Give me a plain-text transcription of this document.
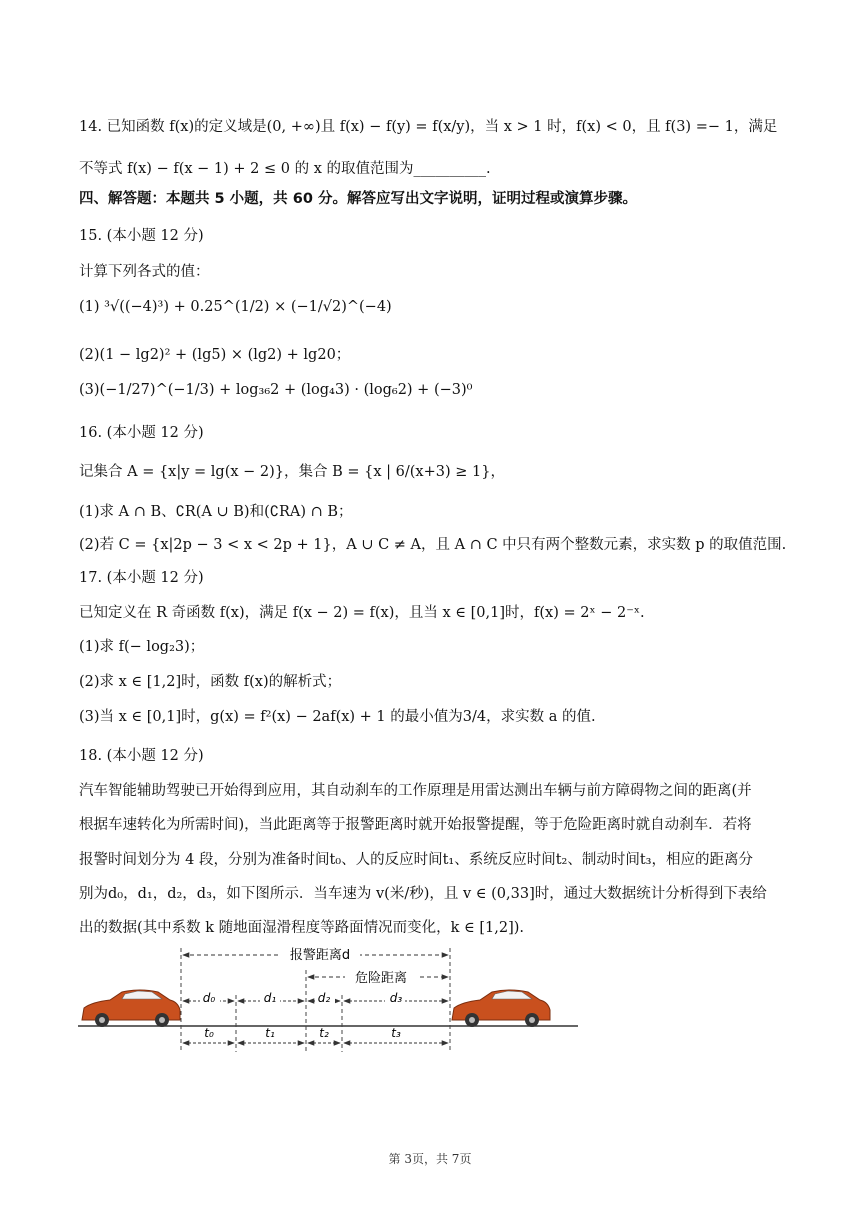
14. 已知函数 f(x)的定义域是(0, +∞)且 f(x) − f(y) = f(x/y)，当 x > 1 时，f(x) < 0，且 f(3) =− 1，满足
不等式 f(x) − f(x − 1) + 2 ≤ 0 的 x 的取值范围为__________.
四、解答题：本题共 5 小题，共 60 分。解答应写出文字说明，证明过程或演算步骤。
15. (本小题 12 分)
计算下列各式的值：
(1) ³√((−4)³) + 0.25^(1/2) × (−1/√2)^(−4)
(2)(1 − lg2)² + (lg5) × (lg2) + lg20；
(3)(−1/27)^(−1/3) + log₃₆2 + (log₄3) · (log₆2) + (−3)⁰
16. (本小题 12 分)
记集合 A = {x|y = lg(x − 2)}，集合 B = {x | 6/(x+3) ≥ 1}，
(1)求 A ∩ B、∁R(A ∪ B)和(∁RA) ∩ B；
(2)若 C = {x|2p − 3 < x < 2p + 1}，A ∪ C ≠ A，且 A ∩ C 中只有两个整数元素，求实数 p 的取值范围.
17. (本小题 12 分)
已知定义在 R 奇函数 f(x)，满足 f(x − 2) = f(x)，且当 x ∈ [0,1]时，f(x) = 2ˣ − 2⁻ˣ.
(1)求 f(− log₂3)；
(2)求 x ∈ [1,2]时，函数 f(x)的解析式；
(3)当 x ∈ [0,1]时，g(x) = f²(x) − 2af(x) + 1 的最小值为3/4，求实数 a 的值.
18. (本小题 12 分)
汽车智能辅助驾驶已开始得到应用，其自动刹车的工作原理是用雷达测出车辆与前方障碍物之间的距离(并
根据车速转化为所需时间)，当此距离等于报警距离时就开始报警提醒，等于危险距离时就自动刹车．若将
报警时间划分为 4 段，分别为准备时间t₀、人的反应时间t₁、系统反应时间t₂、制动时间t₃，相应的距离分
别为d₀，d₁，d₂，d₃，如下图所示．当车速为 v(米/秒)，且 v ∈ (0,33]时，通过大数据统计分析得到下表给
出的数据(其中系数 k 随地面湿滑程度等路面情况而变化，k ∈ [1,2]).
报警距离d
危险距离
d₀	d₁	d₂	d₃
t₀	t₁	t₂	t₃
第 3页，共 7页
